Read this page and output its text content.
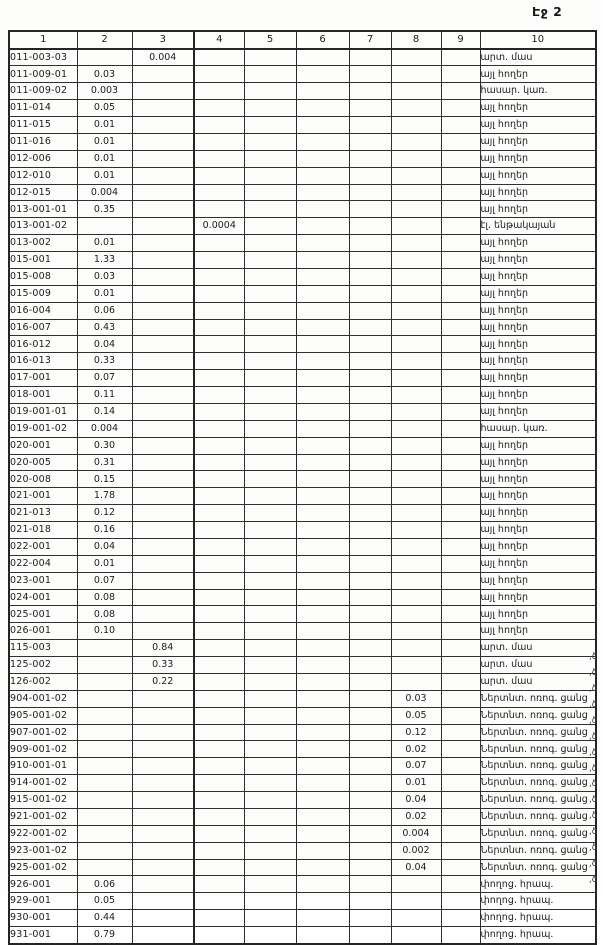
Էջ 2
1	2	3	4	5	6	7	8	9	10
011-003-03		0.004							արտ. մաս
011-009-01	0.03								այլ հողեր
011-009-02	0.003								հասար. կառ.
011-014	0.05								այլ հողեր
011-015	0.01								այլ հողեր
011-016	0.01								այլ հողեր
012-006	0.01								այլ հողեր
012-010	0.01								այլ հողեր
012-015	0.004								այլ հողեր
013-001-01	0.35								այլ հողեր
013-001-02			0.0004						էլ. ենթակայան
013-002	0.01								այլ հողեր
015-001	1.33								այլ հողեր
015-008	0.03								այլ հողեր
015-009	0.01								այլ հողեր
016-004	0.06								այլ հողեր
016-007	0.43								այլ հողեր
016-012	0.04								այլ հողեր
016-013	0.33								այլ հողեր
017-001	0.07								այլ հողեր
018-001	0.11								այլ հողեր
019-001-01	0.14								այլ հողեր
019-001-02	0.004								հասար. կառ.
020-001	0.30								այլ հողեր
020-005	0.31								այլ հողեր
020-008	0.15								այլ հողեր
021-001	1.78								այլ հողեր
021-013	0.12								այլ հողեր
021-018	0.16								այլ հողեր
022-001	0.04								այլ հողեր
022-004	0.01								այլ հողեր
023-001	0.07								այլ հողեր
024-001	0.08								այլ հողեր
025-001	0.08								այլ հողեր
026-001	0.10								այլ հողեր
115-003		0.84							արտ. մաս
125-002		0.33							արտ. մաս
126-002		0.22							արտ. մաս
904-001-02							0.03		Ներտնտ. ոռոգ. ցանց
905-001-02							0.05		Ներտնտ. ոռոգ. ցանց
907-001-02							0.12		Ներտնտ. ոռոգ. ցանց
909-001-02							0.02		Ներտնտ. ոռոգ. ցանց
910-001-01							0.07		Ներտնտ. ոռոգ. ցանց
914-001-02							0.01		Ներտնտ. ոռոգ. ցանց
915-001-02							0.04		Ներտնտ. ոռոգ. ցանց
921-001-02							0.02		Ներտնտ. ոռոգ. ցանց
922-001-02							0.004		Ներտնտ. ոռոգ. ցանց
923-001-02							0.002		Ներտնտ. ոռոգ. ցանց
925-001-02							0.04		Ներտնտ. ոռոգ. ցանց
926-001	0.06								փողոց. հրապ.
929-001	0.05								փողոց. հրապ.
930-001	0.44								փողոց. հրապ.
931-001	0.79								փողոց. հրապ.
,ծ
,ծ
,ծ
,ծ
,ծ
,ծ
,ծ
,ծ
,ծ
,ծ
,ծ
,ծ
,ծ
,ծ
,ծ
